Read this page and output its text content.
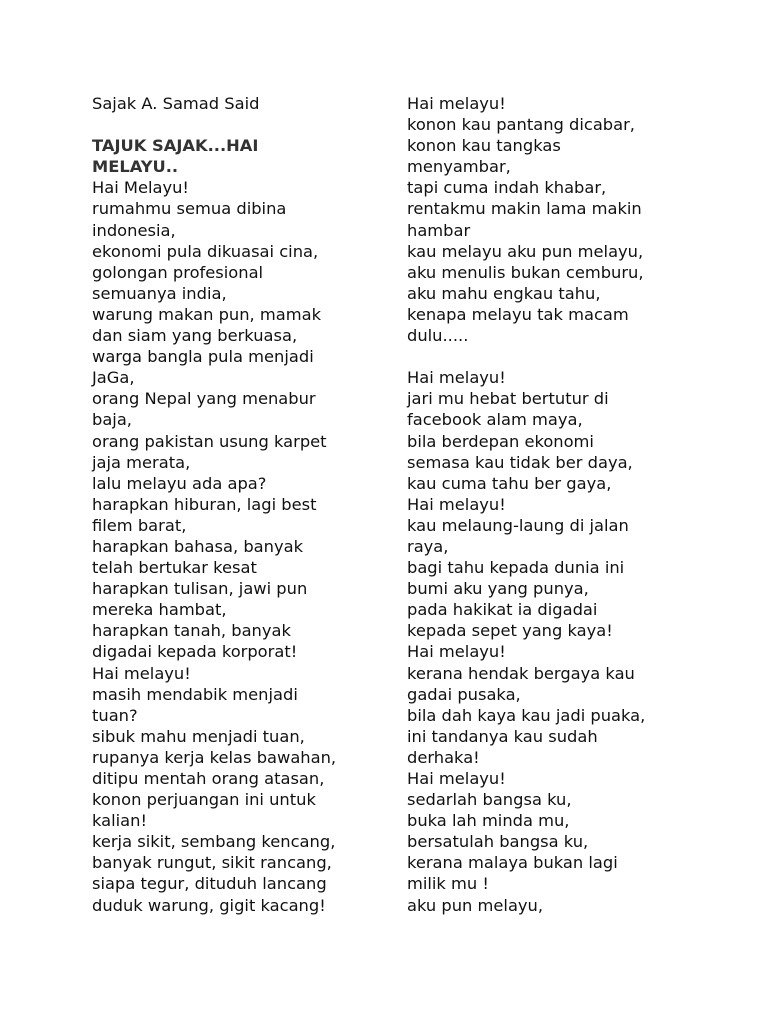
Sajak A. Samad Said
TAJUK SAJAK...HAI
MELAYU..
Hai Melayu!
rumahmu semua dibina
indonesia,
ekonomi pula dikuasai cina,
golongan profesional
semuanya india,
warung makan pun, mamak
dan siam yang berkuasa,
warga bangla pula menjadi
JaGa,
orang Nepal yang menabur
baja,
orang pakistan usung karpet
jaja merata,
lalu melayu ada apa?
harapkan hiburan, lagi best
filem barat,
harapkan bahasa, banyak
telah bertukar kesat
harapkan tulisan, jawi pun
mereka hambat,
harapkan tanah, banyak
digadai kepada korporat!
Hai melayu!
masih mendabik menjadi
tuan?
sibuk mahu menjadi tuan,
rupanya kerja kelas bawahan,
ditipu mentah orang atasan,
konon perjuangan ini untuk
kalian!
kerja sikit, sembang kencang,
banyak rungut, sikit rancang,
siapa tegur, dituduh lancang
duduk warung, gigit kacang!
Hai melayu!
konon kau pantang dicabar,
konon kau tangkas
menyambar,
tapi cuma indah khabar,
rentakmu makin lama makin
hambar
kau melayu aku pun melayu,
aku menulis bukan cemburu,
aku mahu engkau tahu,
kenapa melayu tak macam
dulu.....
Hai melayu!
jari mu hebat bertutur di
facebook alam maya,
bila berdepan ekonomi
semasa kau tidak ber daya,
kau cuma tahu ber gaya,
Hai melayu!
kau melaung-laung di jalan
raya,
bagi tahu kepada dunia ini
bumi aku yang punya,
pada hakikat ia digadai
kepada sepet yang kaya!
Hai melayu!
kerana hendak bergaya kau
gadai pusaka,
bila dah kaya kau jadi puaka,
ini tandanya kau sudah
derhaka!
Hai melayu!
sedarlah bangsa ku,
buka lah minda mu,
bersatulah bangsa ku,
kerana malaya bukan lagi
milik mu !
aku pun melayu,
